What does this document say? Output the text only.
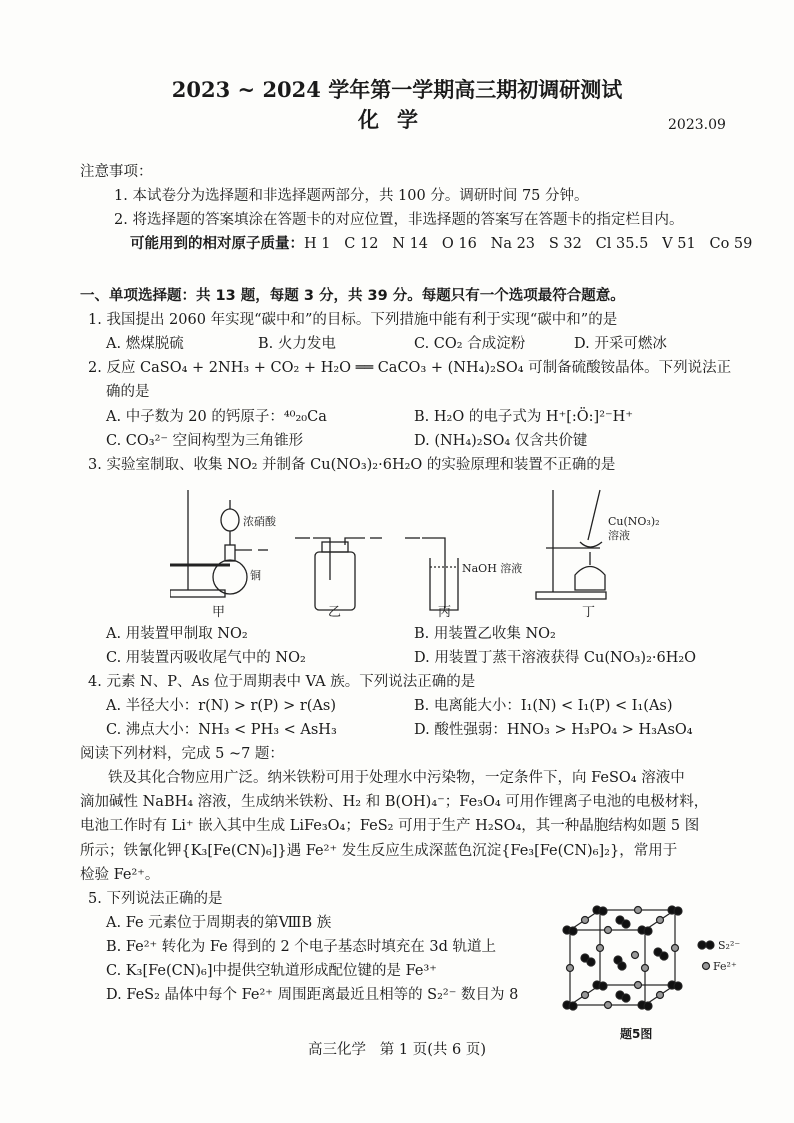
2023 ~ 2024 学年第一学期高三期初调研测试
化学	2023.09
注意事项：
1. 本试卷分为选择题和非选择题两部分，共 100 分。调研时间 75 分钟。
2. 将选择题的答案填涂在答题卡的对应位置，非选择题的答案写在答题卡的指定栏目内。
可能用到的相对原子质量：H 1   C 12   N 14   O 16   Na 23   S 32   Cl 35.5   V 51   Co 59
一、单项选择题：共 13 题，每题 3 分，共 39 分。每题只有一个选项最符合题意。
1. 我国提出 2060 年实现“碳中和”的目标。下列措施中能有利于实现“碳中和”的是
A. 燃煤脱硫	B. 火力发电	C. CO₂ 合成淀粉	D. 开采可燃冰
2. 反应 CaSO₄ + 2NH₃ + CO₂ + H₂O ══ CaCO₃ + (NH₄)₂SO₄ 可制备硫酸铵晶体。下列说法正
确的是
A. 中子数为 20 的钙原子：⁴⁰₂₀Ca	B. H₂O 的电子式为 H⁺[:Ö:]²⁻H⁺
C. CO₃²⁻ 空间构型为三角锥形	D. (NH₄)₂SO₄ 仅含共价键
3. 实验室制取、收集 NO₂ 并制备 Cu(NO₃)₂·6H₂O 的实验原理和装置不正确的是
浓硝酸
铜
甲	乙
NaOH 溶液
丙
Cu(NO₃)₂
溶液
丁
A. 用装置甲制取 NO₂	B. 用装置乙收集 NO₂
C. 用装置丙吸收尾气中的 NO₂	D. 用装置丁蒸干溶液获得 Cu(NO₃)₂·6H₂O
4. 元素 N、P、As 位于周期表中 VA 族。下列说法正确的是
A. 半径大小：r(N) > r(P) > r(As)	B. 电离能大小：I₁(N) < I₁(P) < I₁(As)
C. 沸点大小：NH₃ < PH₃ < AsH₃	D. 酸性强弱：HNO₃ > H₃PO₄ > H₃AsO₄
阅读下列材料，完成 5 ~7 题：
铁及其化合物应用广泛。纳米铁粉可用于处理水中污染物，一定条件下，向 FeSO₄ 溶液中
滴加碱性 NaBH₄ 溶液，生成纳米铁粉、H₂ 和 B(OH)₄⁻；Fe₃O₄ 可用作锂离子电池的电极材料，
电池工作时有 Li⁺ 嵌入其中生成 LiFe₃O₄；FeS₂ 可用于生产 H₂SO₄，其一种晶胞结构如题 5 图
所示；铁氰化钾{K₃[Fe(CN)₆]}遇 Fe²⁺ 发生反应生成深蓝色沉淀{Fe₃[Fe(CN)₆]₂}，常用于
检验 Fe²⁺。
5. 下列说法正确的是
A. Fe 元素位于周期表的第ⅧB 族
B. Fe²⁺ 转化为 Fe 得到的 2 个电子基态时填充在 3d 轨道上
C. K₃[Fe(CN)₆]中提供空轨道形成配位键的是 Fe³⁺
D. FeS₂ 晶体中每个 Fe²⁺ 周围距离最近且相等的 S₂²⁻ 数目为 8
S₂²⁻
Fe²⁺
题5图
高三化学   第 1 页(共 6 页)
